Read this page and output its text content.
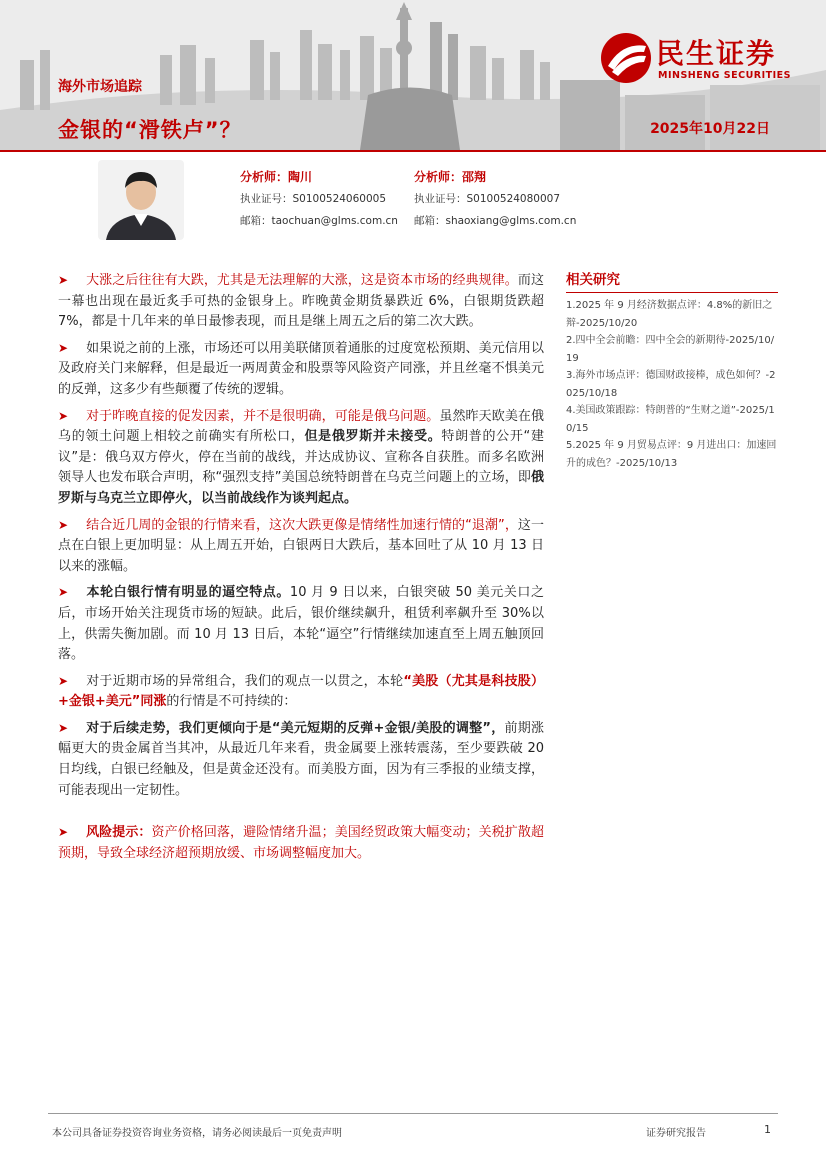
海外市场追踪
金银的“滑铁卢”？	2025年10月22日
民生证券
MINSHENG SECURITIES
分析师：陶川
执业证号：S0100524060005
邮箱：taochuan@glms.com.cn
分析师：邵翔
执业证号：S0100524080007
邮箱：shaoxiang@glms.com.cn

➤ 大涨之后往往有大跌，尤其是无法理解的大涨，这是资本市场的经典规律。而这一幕也出现在最近炙手可热的金银身上。昨晚黄金期货暴跌近 6%，白银期货跌超 7%，都是十几年来的单日最惨表现，而且是继上周五之后的第二次大跌。

➤ 如果说之前的上涨，市场还可以用美联储顶着通胀的过度宽松预期、美元信用以及政府关门来解释，但是最近一两周黄金和股票等风险资产同涨，并且丝毫不惧美元的反弹，这多少有些颠覆了传统的逻辑。

➤ 对于昨晚直接的促发因素，并不是很明确，可能是俄乌问题。虽然昨天欧美在俄乌的领土问题上相较之前确实有所松口，但是俄罗斯并未接受。特朗普的公开“建议”是：俄乌双方停火，停在当前的战线，并达成协议、宣称各自获胜。而多名欧洲领导人也发布联合声明，称“强烈支持”美国总统特朗普在乌克兰问题上的立场，即俄罗斯与乌克兰立即停火，以当前战线作为谈判起点。

➤ 结合近几周的金银的行情来看，这次大跌更像是情绪性加速行情的“退潮”，这一点在白银上更加明显：从上周五开始，白银两日大跌后，基本回吐了从 10 月 13 日以来的涨幅。

➤ 本轮白银行情有明显的逼空特点。10 月 9 日以来，白银突破 50 美元关口之后，市场开始关注现货市场的短缺。此后，银价继续飙升，租赁利率飙升至 30%以上，供需失衡加剧。而 10 月 13 日后，本轮“逼空”行情继续加速直至上周五触顶回落。

➤ 对于近期市场的异常组合，我们的观点一以贯之，本轮“美股（尤其是科技股）+金银+美元”同涨的行情是不可持续的：

➤ 对于后续走势，我们更倾向于是“美元短期的反弹+金银/美股的调整”，前期涨幅更大的贵金属首当其冲，从最近几年来看，贵金属要上涨转震荡，至少要跌破 20 日均线，白银已经触及，但是黄金还没有。而美股方面，因为有三季报的业绩支撑，可能表现出一定韧性。

➤ 风险提示：资产价格回落，避险情绪升温；美国经贸政策大幅变动；关税扩散超预期，导致全球经济超预期放缓、市场调整幅度加大。

相关研究
1.2025 年 9 月经济数据点评：4.8%的新旧之辩-2025/10/20
2.四中全会前瞻：四中全会的新期待-2025/10/19
3.海外市场点评：德国财政接棒，成色如何？-2025/10/18
4.美国政策跟踪：特朗普的“生财之道”-2025/10/15
5.2025 年 9 月贸易点评：9 月进出口：加速回升的成色？-2025/10/13
本公司具备证券投资咨询业务资格，请务必阅读最后一页免责声明	证券研究报告	1
